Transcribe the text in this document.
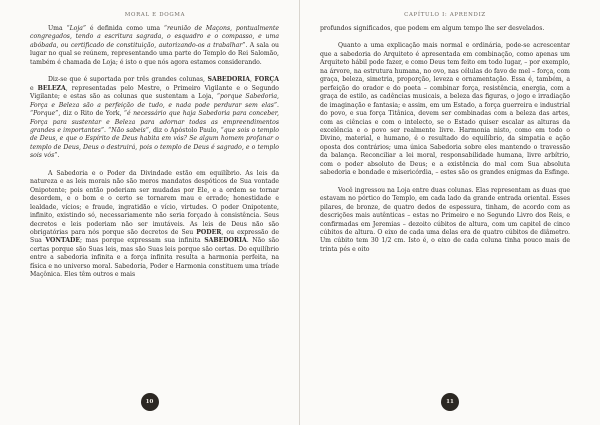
MORAL E DOGMA

Uma “Loja” é definida como uma “reunião de Maçons, pontualmente congregados, tendo a escritura sagrada, o esquadro e o compasso, e uma abóbada, ou certificado de constituição, autorizando-os a trabalhar”. A sala ou lugar no qual se reúnem, representando uma parte do Templo do Rei Salomão, também é chamada de Loja; é isto o que nós agora estamos considerando.

Diz-se que é suportada por três grandes colunas, SABEDORIA, FORÇA e BELEZA, representadas pelo Mestre, o Primeiro Vigilante e o Segundo Vigilante; e estas são as colunas que sustentam a Loja, “porque Sabedoria, Força e Beleza são a perfeição de tudo, e nada pode perdurar sem elas”. “Porque”, diz o Rito de York, “é necessário que haja Sabedoria para conceber, Força para sustentar e Beleza para adornar todas as empreendimentos grandes e importantes”. “Não sabeis”, diz o Apóstolo Paulo, “que sois o templo de Deus, e que o Espírito de Deus habita em vós? Se algum homem profanar o templo de Deus, Deus o destruirá, pois o templo de Deus é sagrado, e o templo sois vós”.

A Sabedoria e o Poder da Divindade estão em equilíbrio. As leis da natureza e as leis morais não são meros mandatos despóticos de Sua vontade Onipotente; pois então poderiam ser mudadas por Ele, e a ordem se tornar desordem, e o bom e o certo se tornarem mau e errado; honestidade e lealdade, vícios; e fraude, ingratidão e vício, virtudes. O poder Onipotente, infinito, existindo só, necessariamente não seria forçado à consistência. Seus decretos e leis poderiam não ser imutáveis. As leis de Deus não são obrigatórias para nós porque são decretos de Seu PODER, ou expressão de Sua VONTADE; mas porque expressam sua infinita SABEDORIA. Não são certas porque são Suas leis, mas são Suas leis porque são certas. Do equilíbrio entre a sabedoria infinita e a força infinita resulta a harmonia perfeita, na física e no universo moral. Sabedoria, Poder e Harmonia constituem uma tríade Maçônica. Eles têm outros e mais

10
CAPÍTULO I: APRENDIZ

profundos significados, que podem em algum tempo lhe ser desvelados.

Quanto a uma explicação mais normal e ordinária, pode-se acrescentar que a sabedoria do Arquiteto é apresentada em combinação, como apenas um Arquiteto hábil pode fazer, e como Deus tem feito em todo lugar, – por exemplo, na árvore, na estrutura humana, no ovo, nas células do favo de mel – força, com graça, beleza, simetria, proporção, leveza e ornamentação. Essa é, também, a perfeição do orador e do poeta – combinar força, resistência, energia, com a graça de estilo, as cadências musicais, a beleza das figuras, o jogo e irradiação de imaginação e fantasia; e assim, em um Estado, a força guerreira e industrial do povo, e sua força Titânica, devem ser combinadas com a beleza das artes, com as ciências e com o intelecto, se o Estado quiser escalar as alturas da excelência e o povo ser realmente livre. Harmonia nisto, como em todo o Divino, material, e humano, é o resultado do equilíbrio, da simpatia e ação oposta dos contrários; uma única Sabedoria sobre eles mantendo o travessão da balança. Reconciliar a lei moral, responsabilidade humana, livre arbítrio, com o poder absoluto de Deus; e a existência do mal com Sua absoluta sabedoria e bondade e misericórdia, – estes são os grandes enigmas da Esfinge.

Você ingressou na Loja entre duas colunas. Elas representam as duas que estavam no pórtico do Templo, em cada lado da grande entrada oriental. Esses pilares, de bronze, de quatro dedos de espessura, tinham, de acordo com as descrições mais autênticas – estas no Primeiro e no Segundo Livro dos Reis, e confirmadas em Jeremias – dezoito cúbitos de altura, com um capitel de cinco cúbitos de altura. O eixo de cada uma delas era de quatro cúbitos de diâmetro. Um cúbito tem 30 1/2 cm. Isto é, o eixo de cada coluna tinha pouco mais de trinta pés e oito

11
